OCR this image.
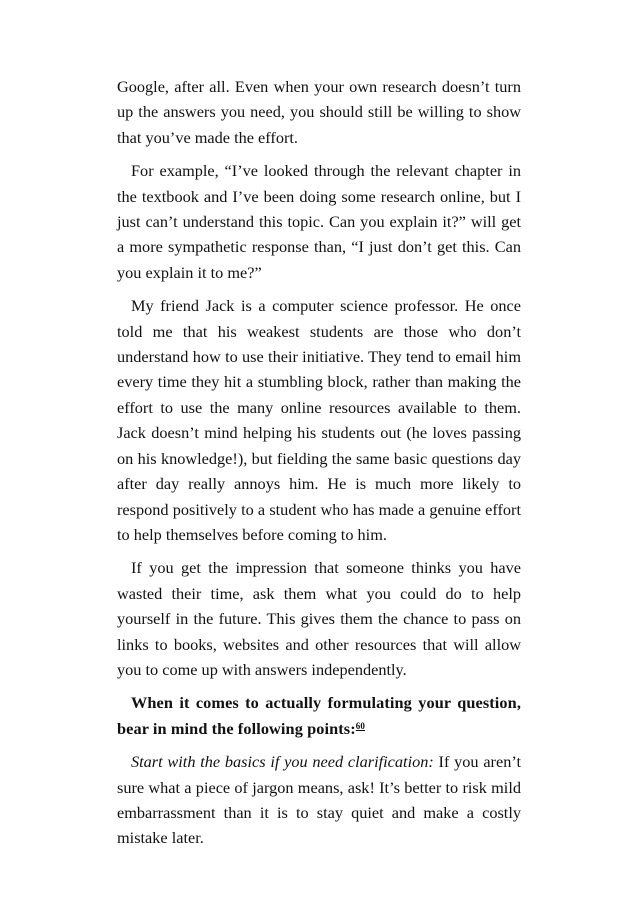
Google, after all. Even when your own research doesn’t turn up the answers you need, you should still be willing to show that you’ve made the effort.

For example, “I’ve looked through the relevant chapter in the textbook and I’ve been doing some research online, but I just can’t understand this topic. Can you explain it?” will get a more sympathetic response than, “I just don’t get this. Can you explain it to me?”

My friend Jack is a computer science professor. He once told me that his weakest students are those who don’t understand how to use their initiative. They tend to email him every time they hit a stumbling block, rather than making the effort to use the many online resources available to them. Jack doesn’t mind helping his students out (he loves passing on his knowledge!), but fielding the same basic questions day after day really annoys him. He is much more likely to respond positively to a student who has made a genuine effort to help themselves before coming to him.

If you get the impression that someone thinks you have wasted their time, ask them what you could do to help yourself in the future. This gives them the chance to pass on links to books, websites and other resources that will allow you to come up with answers independently.

When it comes to actually formulating your question, bear in mind the following points:$^{60}$

Start with the basics if you need clarification: If you aren’t sure what a piece of jargon means, ask! It’s better to risk mild embarrassment than it is to stay quiet and make a costly mistake later.
